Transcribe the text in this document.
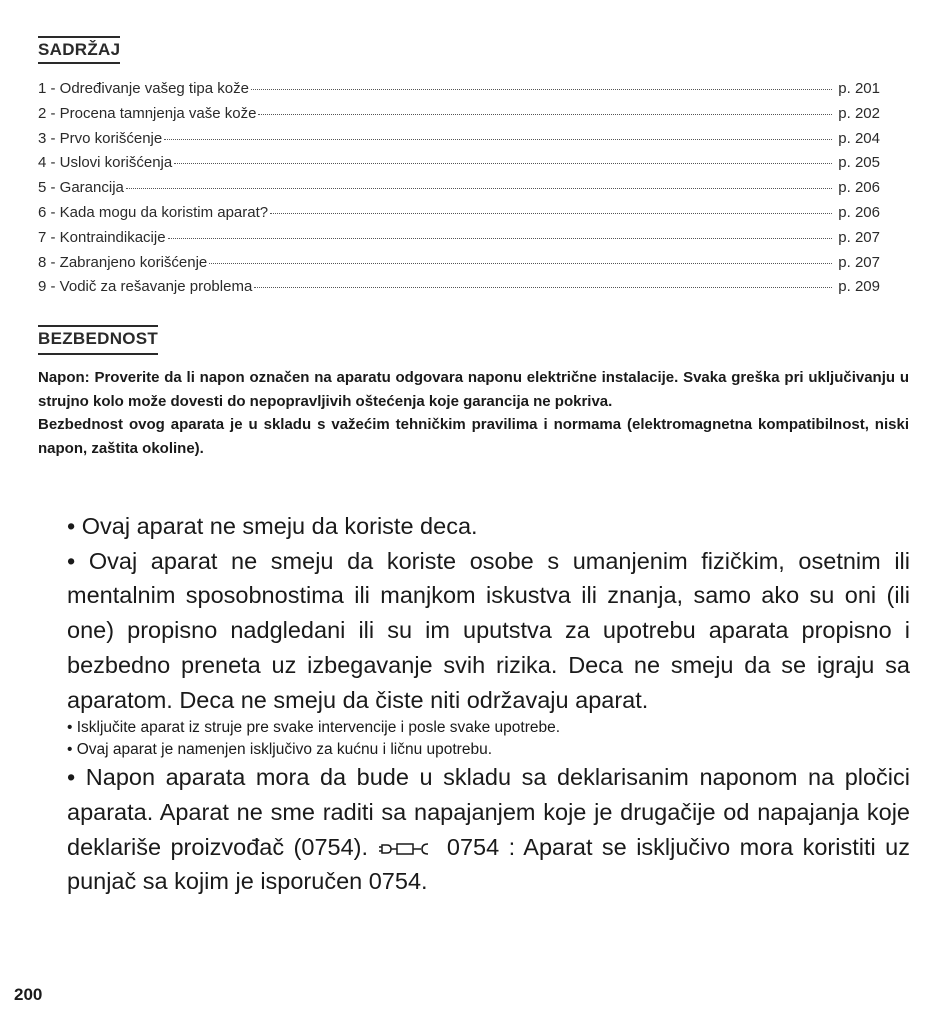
SADRŽAJ
1 - Određivanje vašeg tipa kože	p. 201
2 - Procena tamnjenja vaše kože	p. 202
3 - Prvo korišćenje	p. 204
4 - Uslovi korišćenja	p. 205
5 - Garancija	p. 206
6 - Kada mogu da koristim aparat?	p. 206
7 - Kontraindikacije	p. 207
8 - Zabranjeno korišćenje	p. 207
9 - Vodič za rešavanje problema	p. 209
BEZBEDNOST

Napon: Proverite da li napon označen na aparatu odgovara naponu električne instalacije. Svaka greška pri uključivanju u strujno kolo može dovesti do nepopravljivih oštećenja koje garancija ne pokriva.

Bezbednost ovog aparata je u skladu s važećim tehničkim pravilima i normama (elektromagnetna kompatibilnost, niski napon, zaštita okoline).

• Ovaj aparat ne smeju da koriste deca.

• Ovaj aparat ne smeju da koriste osobe s umanjenim fizičkim, osetnim ili mentalnim sposobnostima ili manjkom iskustva ili znanja, samo ako su oni (ili one) propisno nadgledani ili su im uputstva za upotrebu aparata propisno i bezbedno preneta uz izbegavanje svih rizika. Deca ne smeju da se igraju sa aparatom. Deca ne smeju da čiste niti održavaju aparat.

• Isključite aparat iz struje pre svake intervencije i posle svake upotrebe.

• Ovaj aparat je namenjen isključivo za kućnu i ličnu upotrebu.

• Napon aparata mora da bude u skladu sa deklarisanim naponom na pločici aparata. Aparat ne sme raditi sa napajanjem koje je drugačije od napajanja koje deklariše proizvođač (0754).	0754 : Aparat se isključivo mora koristiti uz punjač sa kojim je isporučen 0754.

200
